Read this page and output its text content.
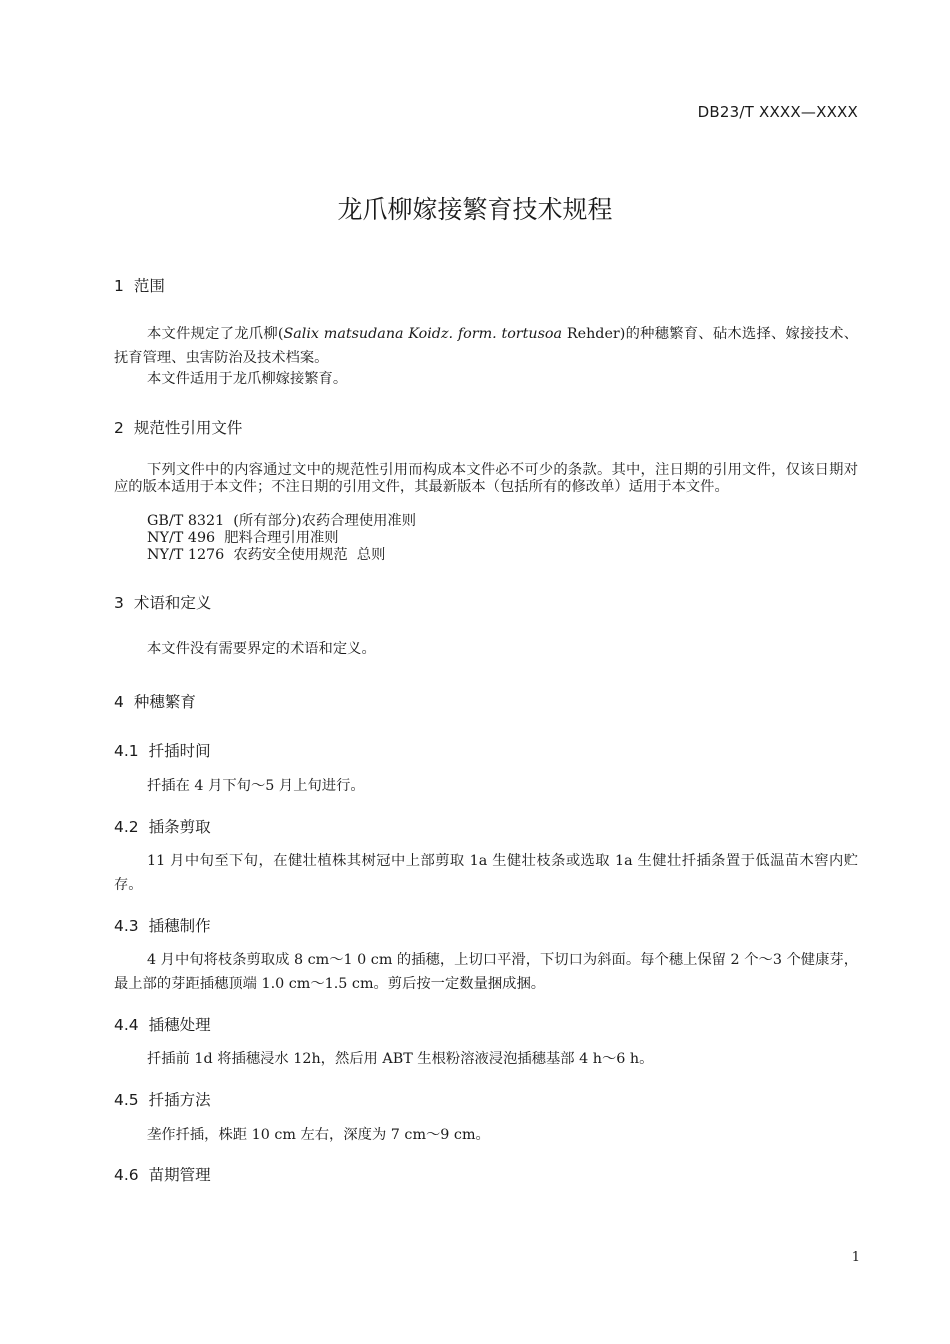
DB23/T XXXX—XXXX
龙爪柳嫁接繁育技术规程
1 范围

本文件规定了龙爪柳(Salix matsudana Koidz. form. tortusoa Rehder)的种穗繁育、砧木选择、嫁接技术、抚育管理、虫害防治及技术档案。

本文件适用于龙爪柳嫁接繁育。

2 规范性引用文件

下列文件中的内容通过文中的规范性引用而构成本文件必不可少的条款。其中，注日期的引用文件，仅该日期对应的版本适用于本文件；不注日期的引用文件，其最新版本（包括所有的修改单）适用于本文件。

GB/T 8321  (所有部分)农药合理使用准则
NY/T 496  肥料合理引用准则
NY/T 1276  农药安全使用规范  总则
3 术语和定义

本文件没有需要界定的术语和定义。

4 种穗繁育
4.1 扦插时间

扦插在 4 月下旬～5 月上旬进行。

4.2 插条剪取

11 月中旬至下旬，在健壮植株其树冠中上部剪取 1a 生健壮枝条或选取 1a 生健壮扦插条置于低温苗木窖内贮存。

4.3 插穗制作

4 月中旬将枝条剪取成 8 cm～1 0 cm 的插穗，上切口平滑，下切口为斜面。每个穗上保留 2 个～3 个健康芽，最上部的芽距插穗顶端 1.0 cm～1.5 cm。剪后按一定数量捆成捆。

4.4 插穗处理

扦插前 1d 将插穗浸水 12h，然后用 ABT 生根粉溶液浸泡插穗基部 4 h～6 h。

4.5 扦插方法

垄作扦插，株距 10 cm 左右，深度为 7 cm～9 cm。

4.6 苗期管理
1
